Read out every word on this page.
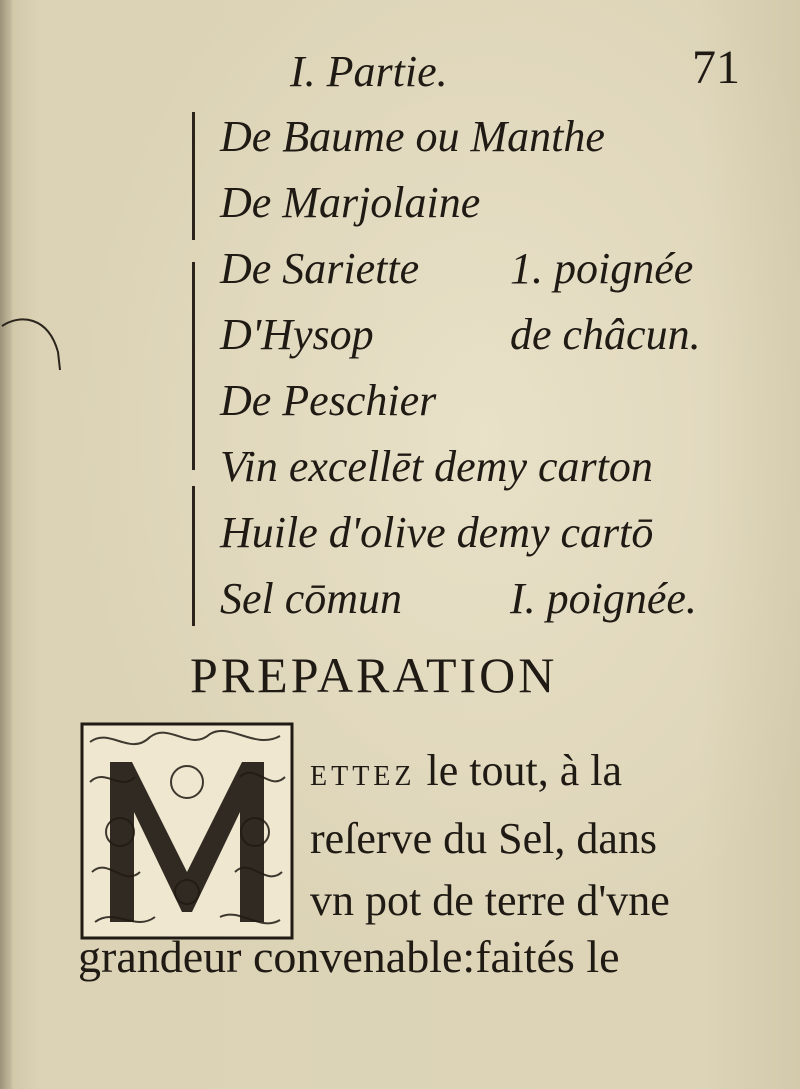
I. Partie.	71
De Baume ou Manthe
De Marjolaine
De Sariette 1. poignée
D'Hysop	de châcun.
De Peschier
Vin excellēt demy carton
Huile d'olive demy cartō
Sel cōmun I. poignée.
PREPARATION
ETTEZ le tout, à la
reſerve du Sel, dans
vn pot de terre d'vne
grandeur convenable:faités le
